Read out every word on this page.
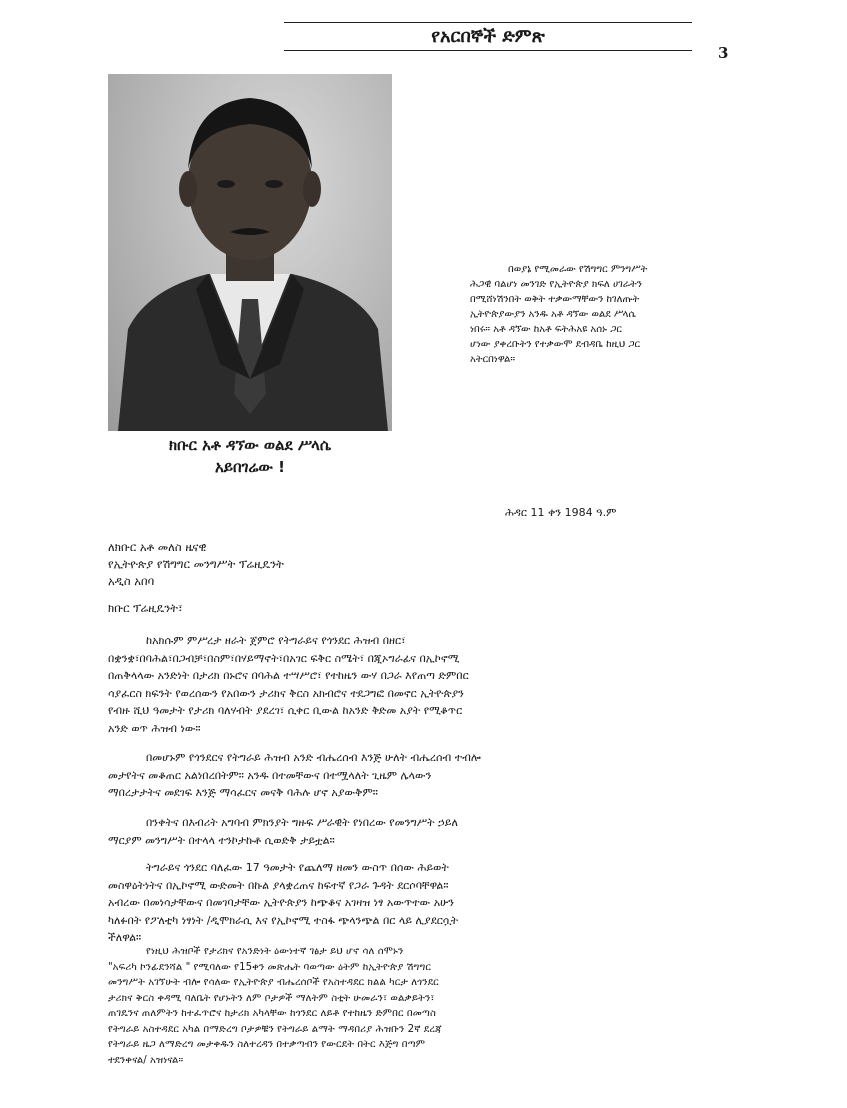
የአርበኞች ድምጽ
3
ክቡር አቶ ዳኘው ወልደ ሥላሴ
አይበገሬው !
በወያኔ የሚመራው የሽግግር ምንግሥት
ሕጋዊ ባልሆነ መንገድ የኢትዮጵያ ክፍለ ሀገራትን
በሚሸነሽንበት ወቅት ተቃውማቸውን ከገለጡት
ኢትዮጵያውያን አንዱ አቶ ዳኘው ወልደ ሥላሴ
ነበሩ። አቶ ዳኘው ከአቶ ፍትሕአዩ አሰኑ ጋር
ሆነው ያቀረቡትን የተቃውሞ ደብዳቤ ከዚህ ጋር
አትርበነዋል።
ሕዳር 11 ቀን 1984 ዓ.ም
ለክቡር አቶ መለስ ዜናዊ
የኢትዮጵያ የሽግግር መንግሥት ፕሬዚዴንት
አዲስ አበባ
ክቡር ፕሬዚዴንት፣
ከአክሱም ምሥረታ ዘራት ጀምሮ የትግራይና የጎንደር ሕዝብ በዘር፣
በቋንቋ፣በባሕል፣በጋብቻ፣በስም፣በሃይማኖት፣በአገር ፍቅር ስሜት፣ በጂኦግራፊና በኢኮኖሚ
በጠቅላላው አንድነት በታሪክ በኑሮና በባሕል ተሣሥሮ፣ የተከዜን ውሃ በጋራ እየጠጣ ድምበር
ሳያፈርስ ክፍንት የወረሰውን የአበውን ታሪክና ቅርስ አክብሮና ተደጋግፎ በመኖር ኢትዮጵያን
የብዙ ሺህ ዓመታት የታሪክ ባለሃብት ያደረገ፣ ሲቀር ቢውል ከአንድ ቅድመ አያት የሚቆጥር
አንድ ወጥ ሕዝብ ነው።
በመሆኑም የጎንደርና የትግራይ ሕዝብ አንድ ብሔረሰብ እንጅ ሁለት ብሔረሰብ ተብሎ
መታየትና መቆጠር አልነበረበትም። አንዱ በተመቸውና በተሟላለት ጊዜም ሌላውን
ማበረታታትና መደገፍ እንጅ ማሳፈርና መናቅ ባሕሉ ሆኖ አያውቅም።
በንቀትና በእብሪት አግባብ ምክንያት ግዙፍ ሥራዊት የነበረው የመንግሥት ኃይለ
ማርያም መንግሥት በተላላ ተንኮታኩቶ ሲወድቅ ታይቷል።
ትግራይና ጎንደር ባለፈው 17 ዓመታት የጨለማ ዘመን ውስጥ በሰው ሕይወት
መስዋዕትነትና በኢኮኖሚ ውድመት በኩል ያላቋረጠና ከፍተኛ የጋራ ጉዳት ደርሶባቸዋል።
አብረው በመነሳታቸውና በመገባታቸው ኢትዮጵያን ከጭቆና አገዛዝ ነፃ አውጥተው አሁን
ካለፉበት የፖለቲካ ነፃነት /ዲሞክራሲ እና የኢኮኖሚ ተስፋ ጭላንጭል በር ላይ ሊያደርሷት
ችለዋል።
የነዚህ ሕዝቦች የታሪክና የአንድነት ዕውነተኛ ገፅታ ይህ ሆኖ ሳለ ሰሞኑን
"አፍሪካ ኮንፊደንሻል " የሚባለው የ15ቀን መጽሔት ባወጣው ዕትም ከኢትዮጵያ ሽግግር
መንግሥት አገኘሁት ብሎ የሳለው የኢትዮጵያ ብሔረሰቦች የአስተዳደር ክልል ካርታ ለጎንደር
ታሪክና ቅርስ ቀዳሚ ባለቤት የሆኑትን ለም ቦታዎች ማለትም ስቲት ሁመራን፣ ወልቃይትን፣
ጠገዴንና ጠለምትን ከተፈጥሮና ከታሪክ አካላቸው ከጎንደር ለይቶ የተከዜን ድምበር በመጣስ
የትግራይ አስተዳደር አካል በማድረግ ቦታዎቹን የትግራይ ልማት ማዳበሪያ ሕዝቡን 2ኛ ደረጃ
የትግራይ ዜጋ ለማድረግ መታቀዱን ስለተረዳን በተቃጣብን የውርደት በትር እጅግ በጣም
ተደንቀናል/ አዝነናል።
